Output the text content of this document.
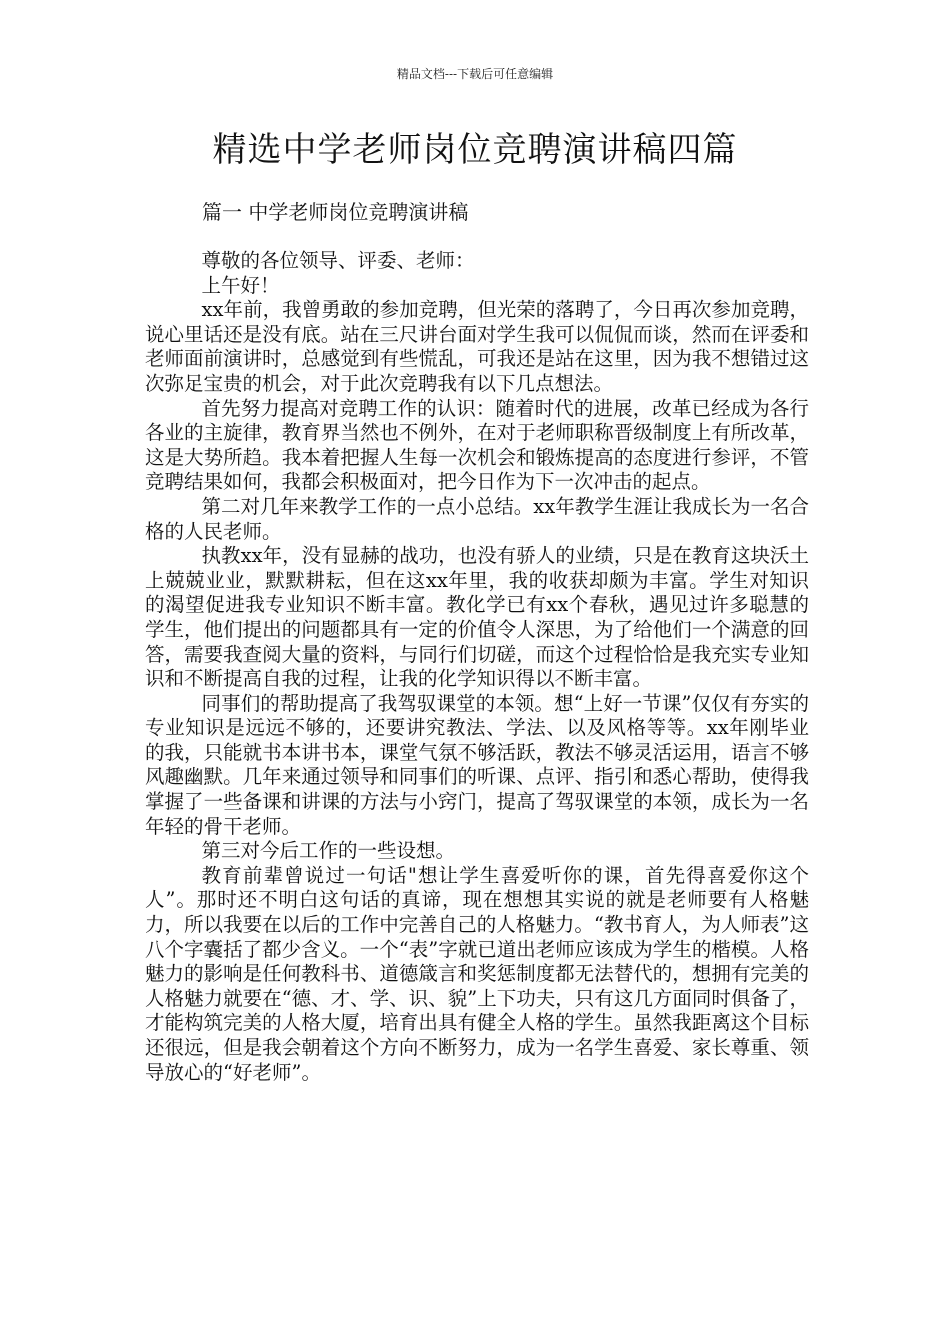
精品文档---下载后可任意编辑
精选中学老师岗位竞聘演讲稿四篇
篇一 中学老师岗位竞聘演讲稿

尊敬的各位领导、评委、老师：

上午好！

xx年前，我曾勇敢的参加竞聘，但光荣的落聘了，今日再次参加竞聘，说心里话还是没有底。站在三尺讲台面对学生我可以侃侃而谈，然而在评委和老师面前演讲时，总感觉到有些慌乱，可我还是站在这里，因为我不想错过这次弥足宝贵的机会，对于此次竞聘我有以下几点想法。

首先努力提高对竞聘工作的认识：随着时代的进展，改革已经成为各行各业的主旋律，教育界当然也不例外，在对于老师职称晋级制度上有所改革，这是大势所趋。我本着把握人生每一次机会和锻炼提高的态度进行参评，不管竞聘结果如何，我都会积极面对，把今日作为下一次冲击的起点。

第二对几年来教学工作的一点小总结。xx年教学生涯让我成长为一名合格的人民老师。

执教xx年，没有显赫的战功，也没有骄人的业绩，只是在教育这块沃土上兢兢业业，默默耕耘，但在这xx年里，我的收获却颇为丰富。学生对知识的渴望促进我专业知识不断丰富。教化学已有xx个春秋，遇见过许多聪慧的学生，他们提出的问题都具有一定的价值令人深思，为了给他们一个满意的回答，需要我查阅大量的资料，与同行们切磋，而这个过程恰恰是我充实专业知识和不断提高自我的过程，让我的化学知识得以不断丰富。

同事们的帮助提高了我驾驭课堂的本领。想“上好一节课”仅仅有夯实的专业知识是远远不够的，还要讲究教法、学法、以及风格等等。xx年刚毕业的我，只能就书本讲书本，课堂气氛不够活跃，教法不够灵活运用，语言不够风趣幽默。几年来通过领导和同事们的听课、点评、指引和悉心帮助，使得我掌握了一些备课和讲课的方法与小窍门，提高了驾驭课堂的本领，成长为一名年轻的骨干老师。

第三对今后工作的一些设想。

教育前辈曾说过一句话"想让学生喜爱听你的课，首先得喜爱你这个人”。那时还不明白这句话的真谛，现在想想其实说的就是老师要有人格魅力，所以我要在以后的工作中完善自己的人格魅力。“教书育人，为人师表”这八个字囊括了都少含义。一个“表”字就已道出老师应该成为学生的楷模。人格魅力的影响是任何教科书、道德箴言和奖惩制度都无法替代的，想拥有完美的人格魅力就要在“德、才、学、识、貌”上下功夫，只有这几方面同时俱备了，才能构筑完美的人格大厦，培育出具有健全人格的学生。虽然我距离这个目标还很远，但是我会朝着这个方向不断努力，成为一名学生喜爱、家长尊重、领导放心的“好老师”。
